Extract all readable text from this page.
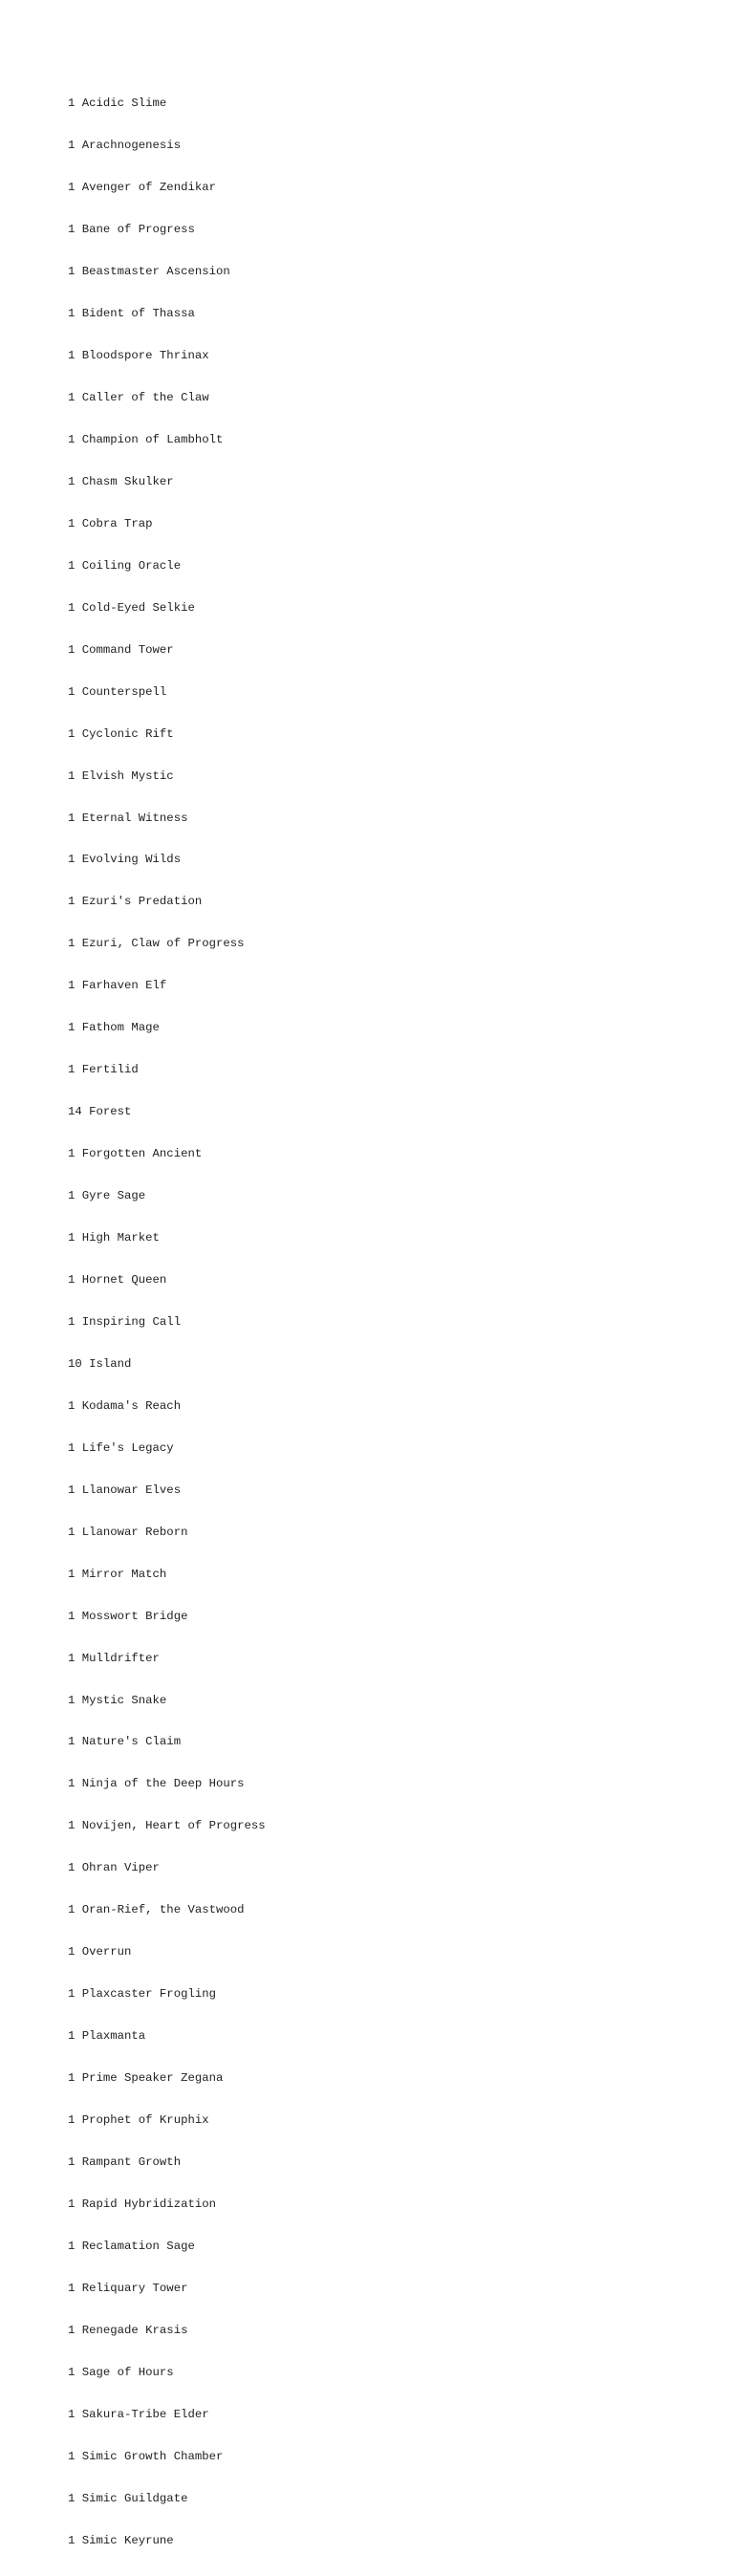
1 Acidic Slime

1 Arachnogenesis

1 Avenger of Zendikar

1 Bane of Progress

1 Beastmaster Ascension

1 Bident of Thassa

1 Bloodspore Thrinax

1 Caller of the Claw

1 Champion of Lambholt

1 Chasm Skulker

1 Cobra Trap

1 Coiling Oracle

1 Cold-Eyed Selkie

1 Command Tower

1 Counterspell

1 Cyclonic Rift

1 Elvish Mystic

1 Eternal Witness

1 Evolving Wilds

1 Ezuri's Predation

1 Ezuri, Claw of Progress

1 Farhaven Elf

1 Fathom Mage

1 Fertilid

14 Forest

1 Forgotten Ancient

1 Gyre Sage

1 High Market

1 Hornet Queen

1 Inspiring Call

10 Island

1 Kodama's Reach

1 Life's Legacy

1 Llanowar Elves

1 Llanowar Reborn

1 Mirror Match

1 Mosswort Bridge

1 Mulldrifter

1 Mystic Snake

1 Nature's Claim

1 Ninja of the Deep Hours

1 Novijen, Heart of Progress

1 Ohran Viper

1 Oran-Rief, the Vastwood

1 Overrun

1 Plaxcaster Frogling

1 Plaxmanta

1 Prime Speaker Zegana

1 Prophet of Kruphix

1 Rampant Growth

1 Rapid Hybridization

1 Reclamation Sage

1 Reliquary Tower

1 Renegade Krasis

1 Sage of Hours

1 Sakura-Tribe Elder

1 Simic Growth Chamber

1 Simic Guildgate

1 Simic Keyrune
